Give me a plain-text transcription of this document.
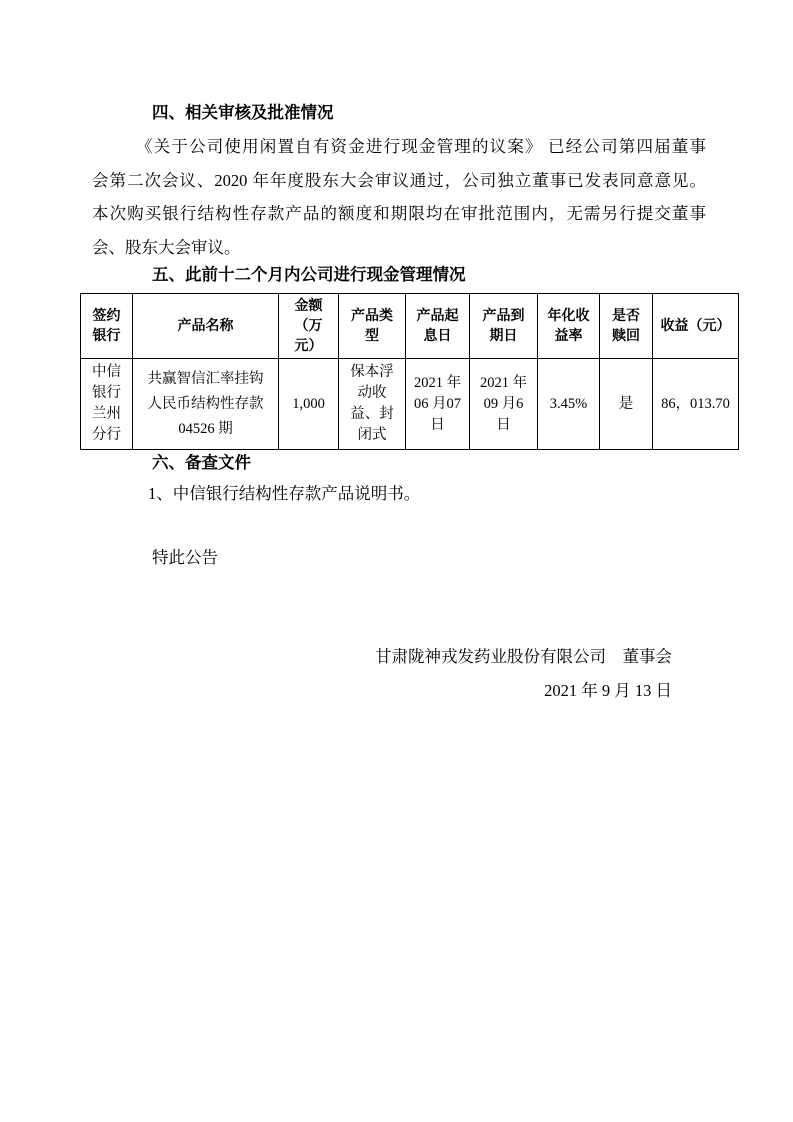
四、相关审核及批准情况
《关于公司使用闲置自有资金进行现金管理的议案》 已经公司第四届董事
会第二次会议、2020 年年度股东大会审议通过，公司独立董事已发表同意意见。
本次购买银行结构性存款产品的额度和期限均在审批范围内，无需另行提交董事
会、股东大会审议。
五、此前十二个月内公司进行现金管理情况
签约银行	产品名称	金额（万元）	产品类型	产品起息日	产品到期日	年化收益率	是否赎回	收益（元）
中信银行兰州分行	共赢智信汇率挂钩人民币结构性存款04526 期	1,000	保本浮动收益、封闭式	2021 年06 月07 日	2021 年09 月6 日	3.45%	是	86，013.70
六、备查文件
1、中信银行结构性存款产品说明书。
特此公告
甘肃陇神戎发药业股份有限公司　董事会
2021 年 9 月 13 日
